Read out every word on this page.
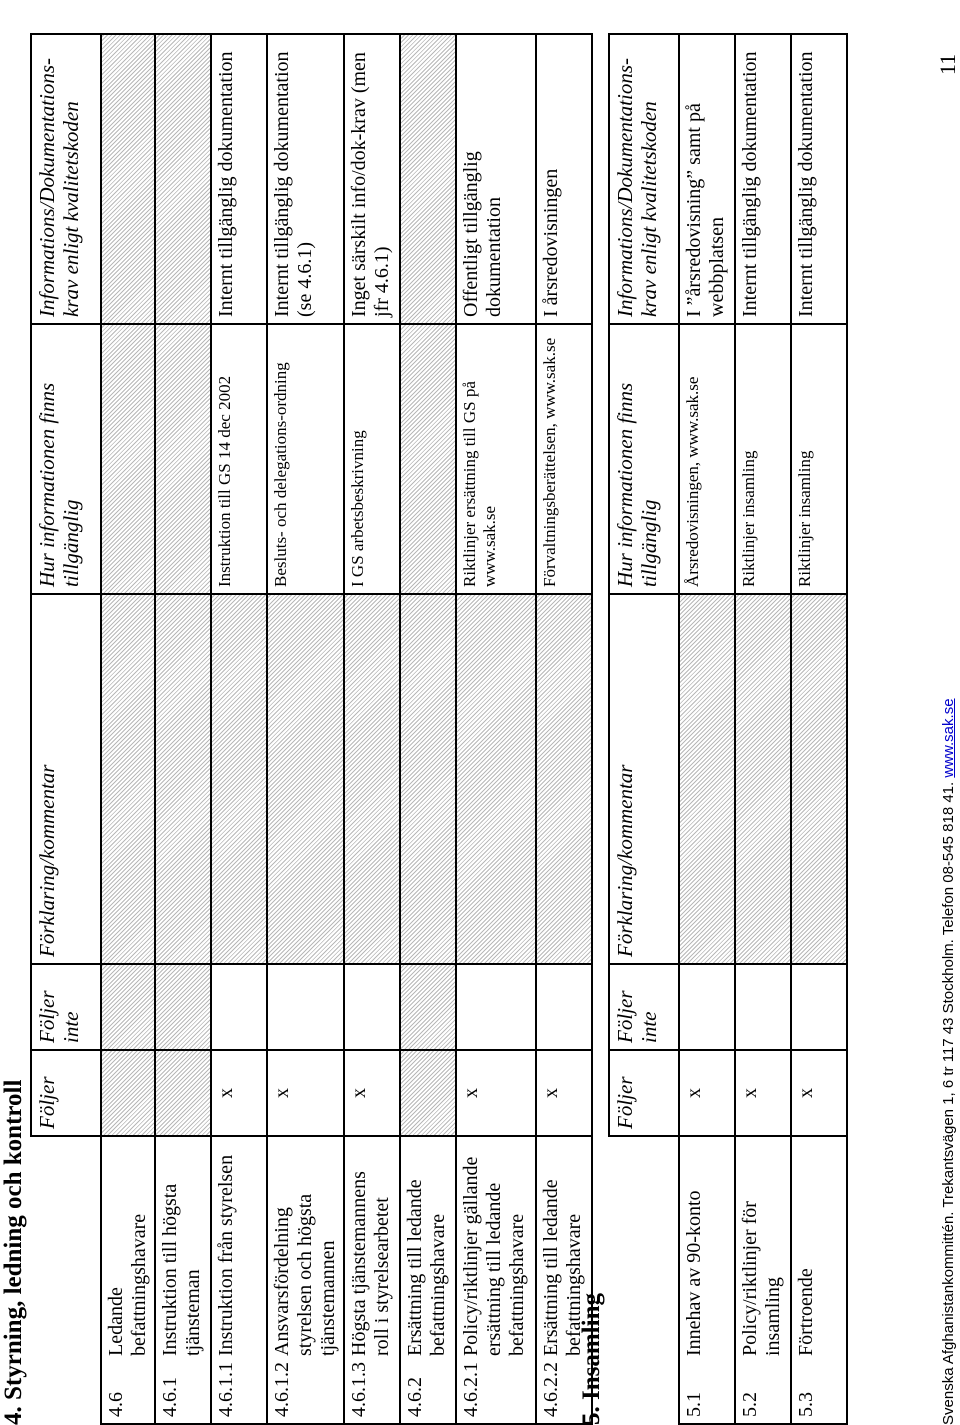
4. Styrning, ledning och kontroll
		Följer	Följer inte	Förklaring/kommentar	Hur informationen finns tillgänglig	Informations/Dokumentations-krav enligt kvalitetskoden
4.6	Ledande befattningshavare					
4.6.1	Instruktion till högsta tjänsteman					
4.6.1.1	Instruktion från styrelsen	x			Instruktion till GS 14 dec 2002	Internt tillgänglig dokumentation
4.6.1.2	Ansvarsfördelning styrelsen och högsta tjänstemannen	x			Besluts- och delegations-ordning	Internt tillgänglig dokumentation (se 4.6.1)
4.6.1.3	Högsta tjänstemannens roll i styrelsearbetet	x			I GS arbetsbeskrivning	Inget särskilt info/dok-krav (men jfr 4.6.1)
4.6.2	Ersättning till ledande befattningshavare					
4.6.2.1	Policy/riktlinjer gällande ersättning till ledande befattningshavare	x			Riktlinjer ersättning till GS på www.sak.se	Offentligt tillgänglig dokumentation
4.6.2.2	Ersättning till ledande befattningshavare	x			Förvaltningsberättelsen, www.sak.se	I årsredovisningen
5. Insamling
		Följer	Följer inte	Förklaring/kommentar	Hur informationen finns tillgänglig	Informations/Dokumentations-krav enligt kvalitetskoden
5.1	Innehav av 90-konto	x			Årsredovisningen, www.sak.se	I ”årsredovisning” samt på webbplatsen
5.2	Policy/riktlinjer för insamling	x			Riktlinjer insamling	Internt tillgänglig dokumentation
5.3	Förtroende	x			Riktlinjer insamling	Internt tillgänglig dokumentation
Svenska Afghanistankommittén. Trekantsvägen 1, 6 tr 117 43 Stockholm. Telefon 08-545 818 41. www.sak.se
11
